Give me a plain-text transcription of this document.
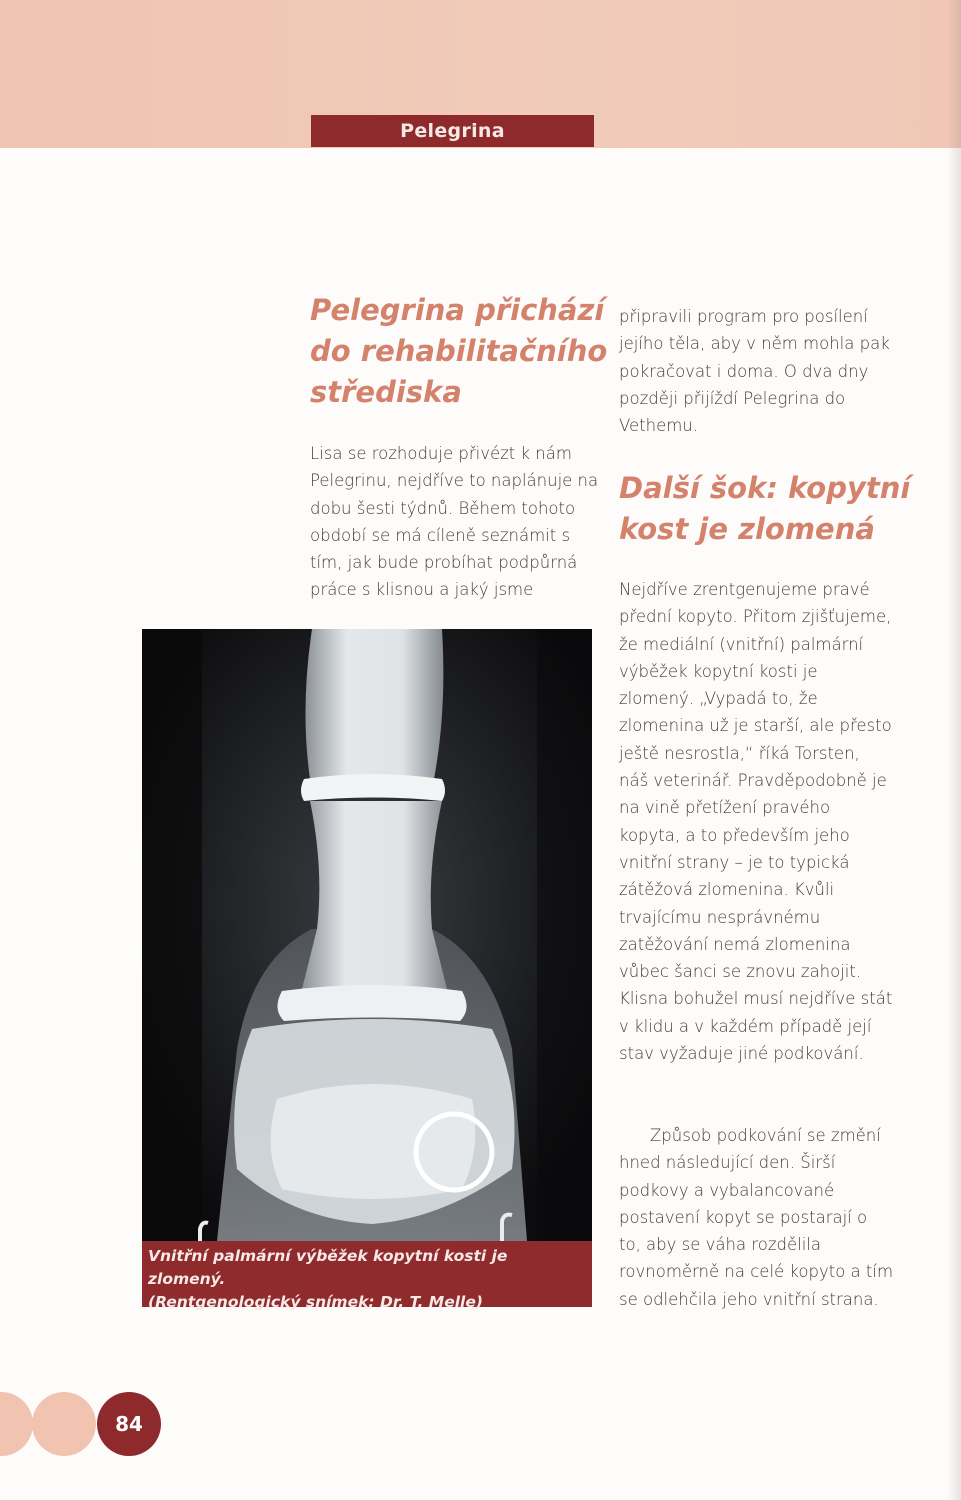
Pelegrina
Pelegrina přichází do rehabilitačního střediska

Lisa se rozhoduje přivézt k nám Pelegrinu, nejdříve to naplánuje na dobu šesti týdnů. Během tohoto období se má cíleně seznámit s tím, jak bude probíhat podpůrná práce s klisnou a jaký jsme

připravili program pro posílení jejího těla, aby v něm mohla pak pokračovat i doma. O dva dny později přijíždí Pelegrina do Vethemu.

Další šok: kopytní kost je zlomená

Nejdříve zrentgenujeme pravé přední kopyto. Přitom zjišťujeme, že mediální (vnitřní) palmární výběžek kopytní kosti je zlomený. „Vypadá to, že zlomenina už je starší, ale přesto ještě nesrostla,“ říká Torsten, náš veterinář. Pravděpodobně je na vině přetížení pravého kopyta, a to především jeho vnitřní strany – je to typická zátěžová zlomenina. Kvůli trvajícímu nesprávnému zatěžování nemá zlomenina vůbec šanci se znovu zahojit. Klisna bohužel musí nejdříve stát v klidu a v každém případě její stav vyžaduje jiné podkování.

Způsob podkování se změní hned následující den. Širší podkovy a vybalancované postavení kopyt se postarají o to, aby se váha rozdělila rovnoměrně na celé kopyto a tím se odlehčila jeho vnitřní strana.

Vnitřní palmární výběžek kopytní kosti je zlomený.
(Rentgenologický snímek: Dr. T. Melle)

84
